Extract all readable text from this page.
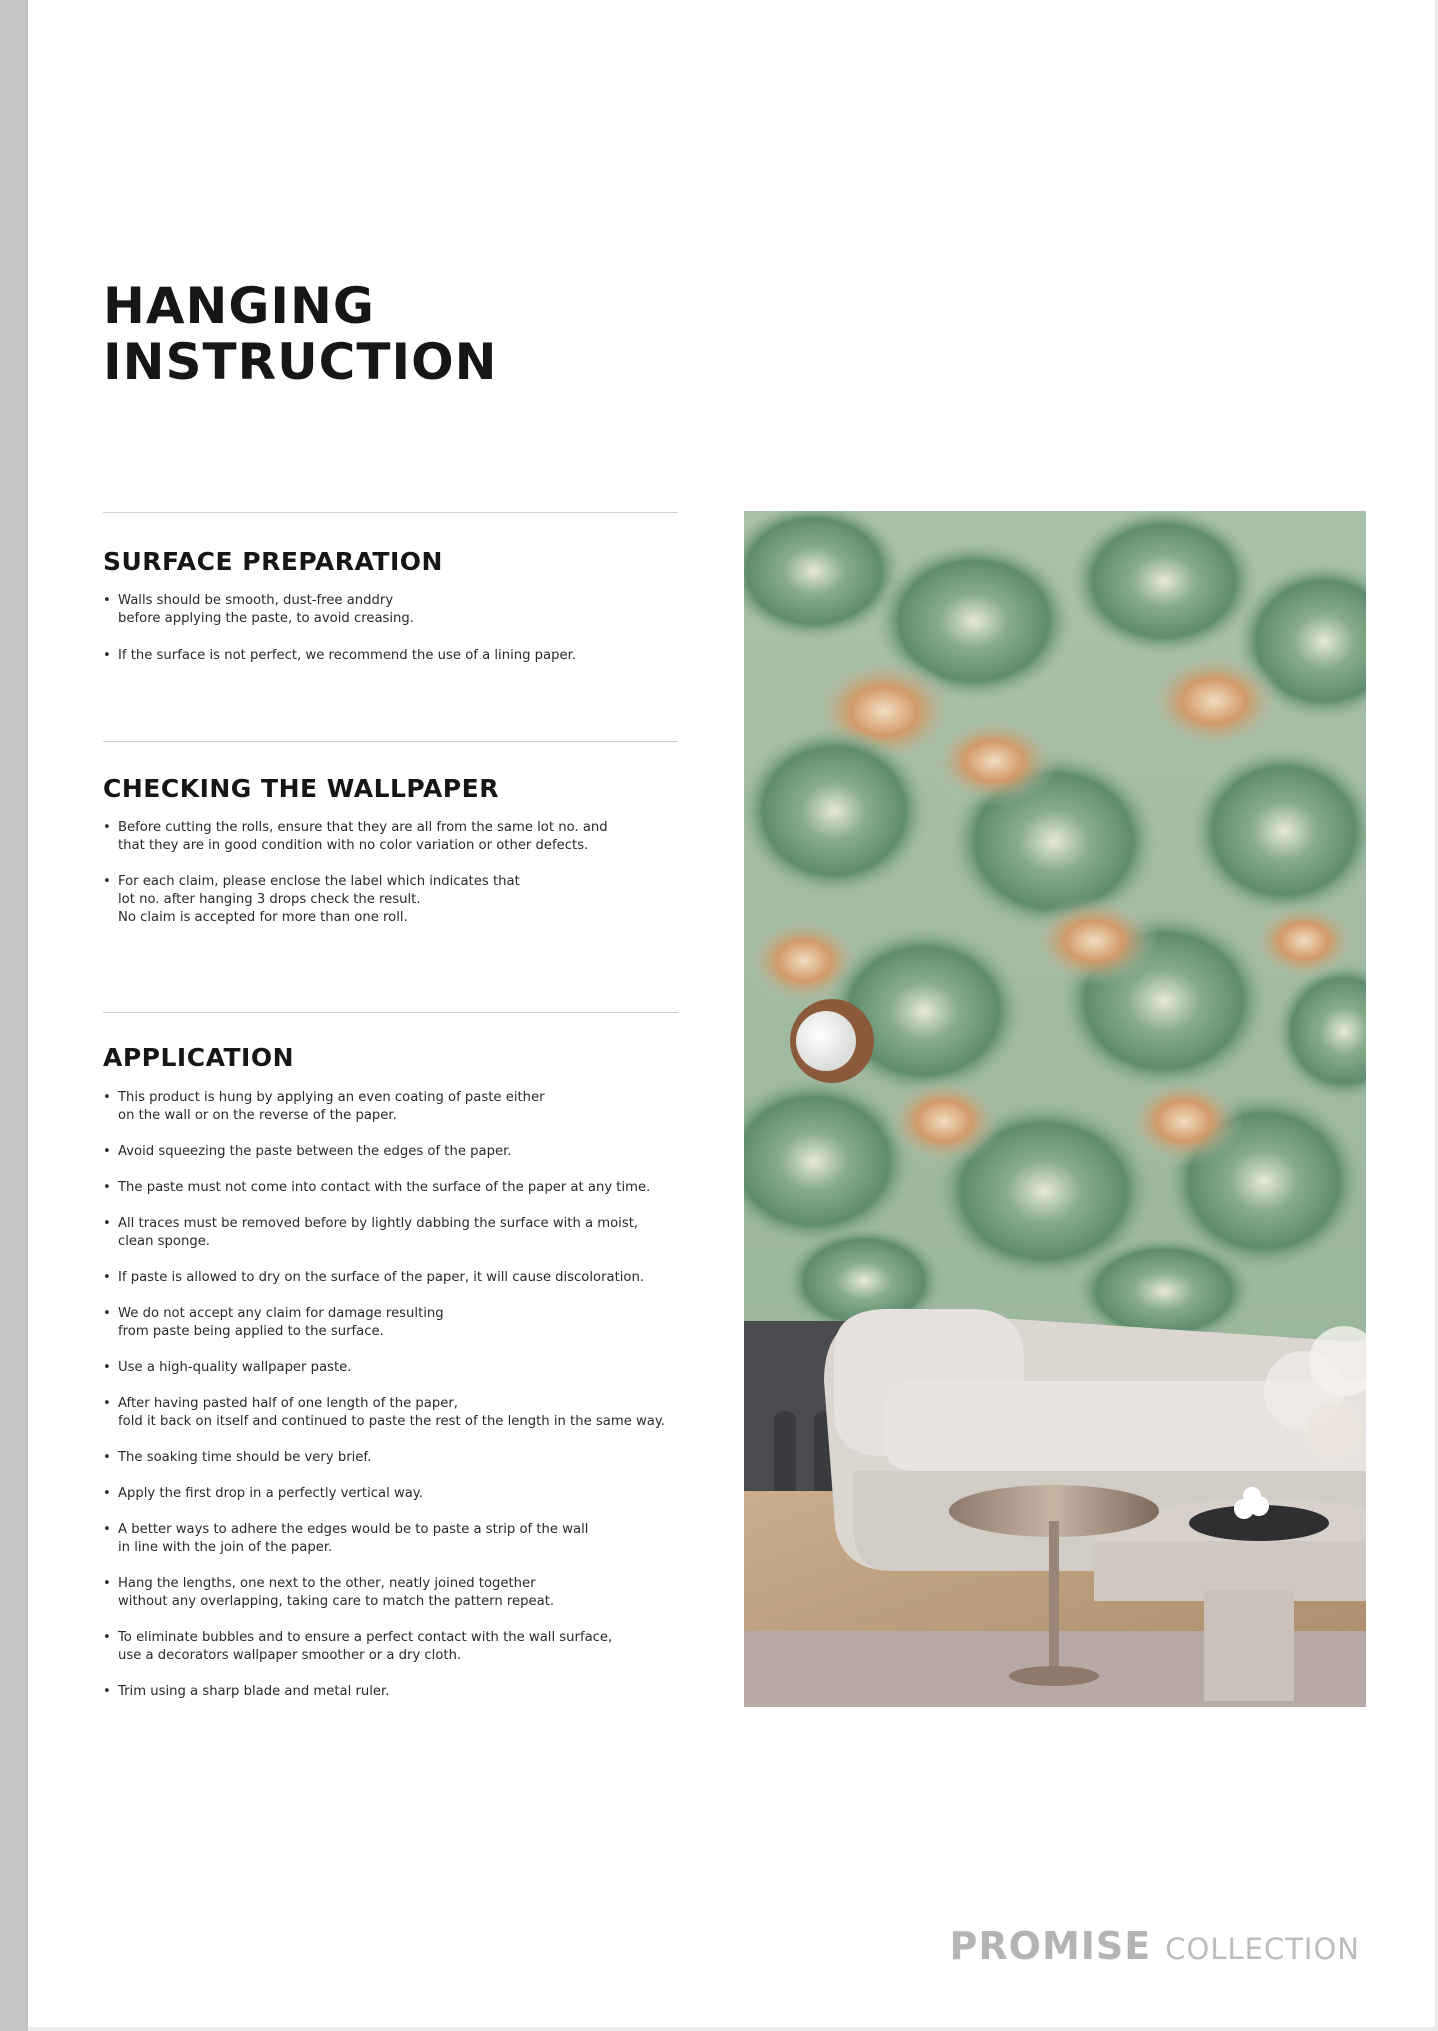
HANGING
INSTRUCTION
SURFACE PREPARATION
• Walls should be smooth, dust-free anddry
before applying the paste, to avoid creasing.
• If the surface is not perfect, we recommend the use of a lining paper.
CHECKING THE WALLPAPER
• Before cutting the rolls, ensure that they are all from the same lot no. and
that they are in good condition with no color variation or other defects.
• For each claim, please enclose the label which indicates that
lot no. after hanging 3 drops check the result.
No claim is accepted for more than one roll.
APPLICATION
• This product is hung by applying an even coating of paste either
on the wall or on the reverse of the paper.
• Avoid squeezing the paste between the edges of the paper.
• The paste must not come into contact with the surface of the paper at any time.
• All traces must be removed before by lightly dabbing the surface with a moist,
clean sponge.
• If paste is allowed to dry on the surface of the paper, it will cause discoloration.
• We do not accept any claim for damage resulting
from paste being applied to the surface.
• Use a high-quality wallpaper paste.
• After having pasted half of one length of the paper,
fold it back on itself and continued to paste the rest of the length in the same way.
• The soaking time should be very brief.
• Apply the first drop in a perfectly vertical way.
• A better ways to adhere the edges would be to paste a strip of the wall
in line with the join of the paper.
• Hang the lengths, one next to the other, neatly joined together
without any overlapping, taking care to match the pattern repeat.
• To eliminate bubbles and to ensure a perfect contact with the wall surface,
use a decorators wallpaper smoother or a dry cloth.
• Trim using a sharp blade and metal ruler.
PROMISE COLLECTION
